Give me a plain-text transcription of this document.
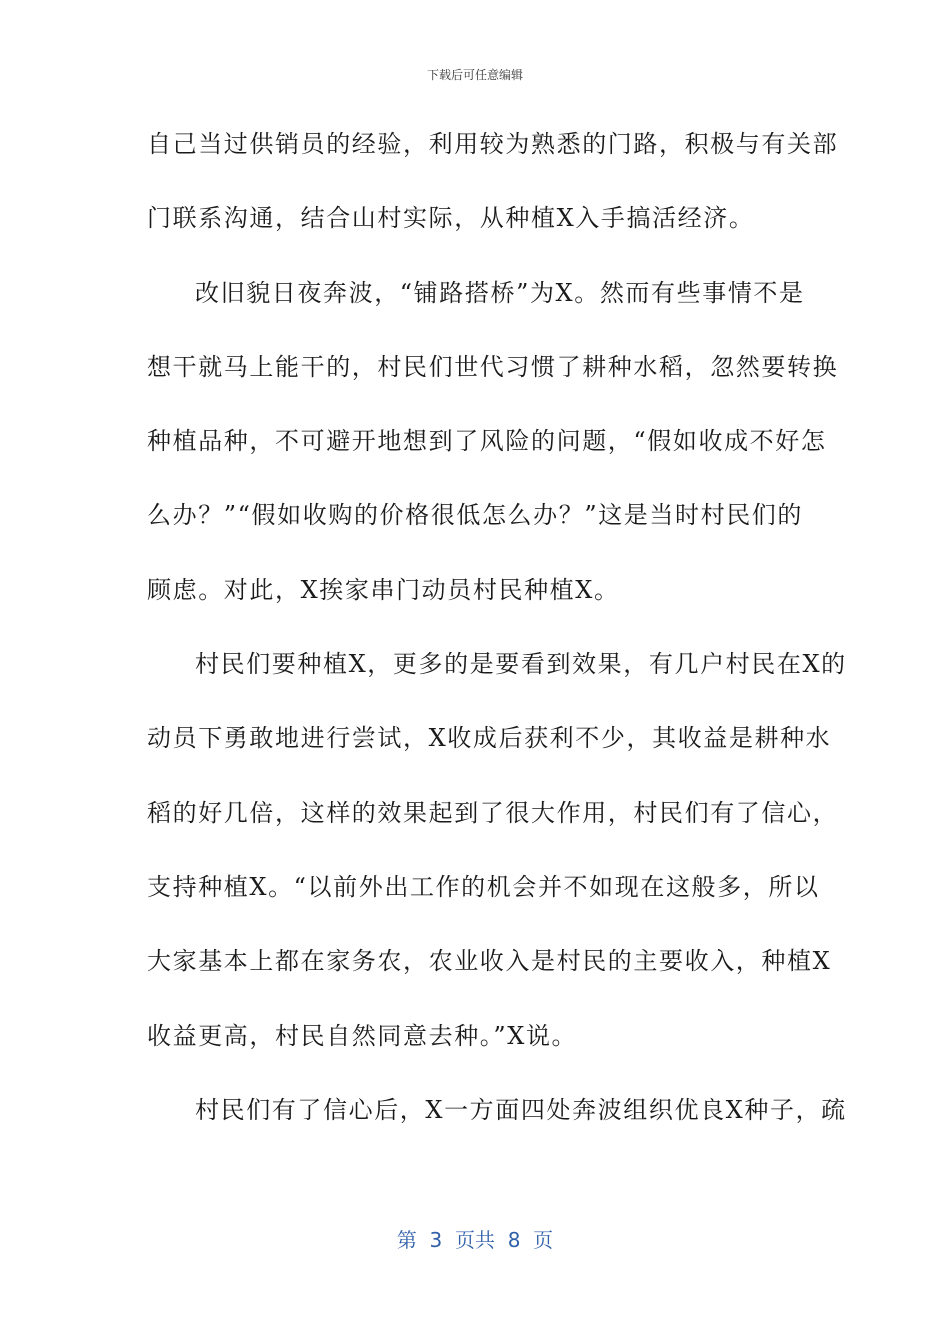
下载后可任意编辑
自己当过供销员的经验，利用较为熟悉的门路，积极与有关部
门联系沟通，结合山村实际，从种植X入手搞活经济。
改旧貌日夜奔波，“铺路搭桥”为X。然而有些事情不是
想干就马上能干的，村民们世代习惯了耕种水稻，忽然要转换
种植品种，不可避开地想到了风险的问题，“假如收成不好怎
么办？”“假如收购的价格很低怎么办？”这是当时村民们的
顾虑。对此，X挨家串门动员村民种植X。
村民们要种植X，更多的是要看到效果，有几户村民在X的
动员下勇敢地进行尝试，X收成后获利不少，其收益是耕种水
稻的好几倍，这样的效果起到了很大作用，村民们有了信心，
支持种植X。“以前外出工作的机会并不如现在这般多，所以
大家基本上都在家务农，农业收入是村民的主要收入，种植X
收益更高，村民自然同意去种。”X说。
村民们有了信心后，X一方面四处奔波组织优良X种子，疏
第  3  页共  8  页
